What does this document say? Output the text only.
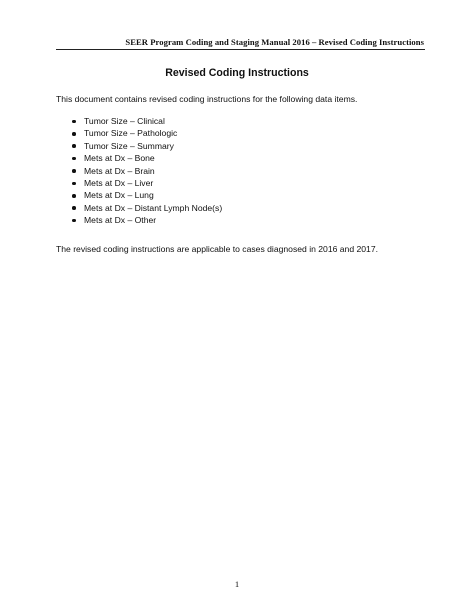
SEER Program Coding and Staging Manual 2016 – Revised Coding Instructions
Revised Coding Instructions
This document contains revised coding instructions for the following data items.
Tumor Size – Clinical
Tumor Size – Pathologic
Tumor Size – Summary
Mets at Dx – Bone
Mets at Dx – Brain
Mets at Dx – Liver
Mets at Dx – Lung
Mets at Dx – Distant Lymph Node(s)
Mets at Dx – Other
The revised coding instructions are applicable to cases diagnosed in 2016 and 2017.
1
